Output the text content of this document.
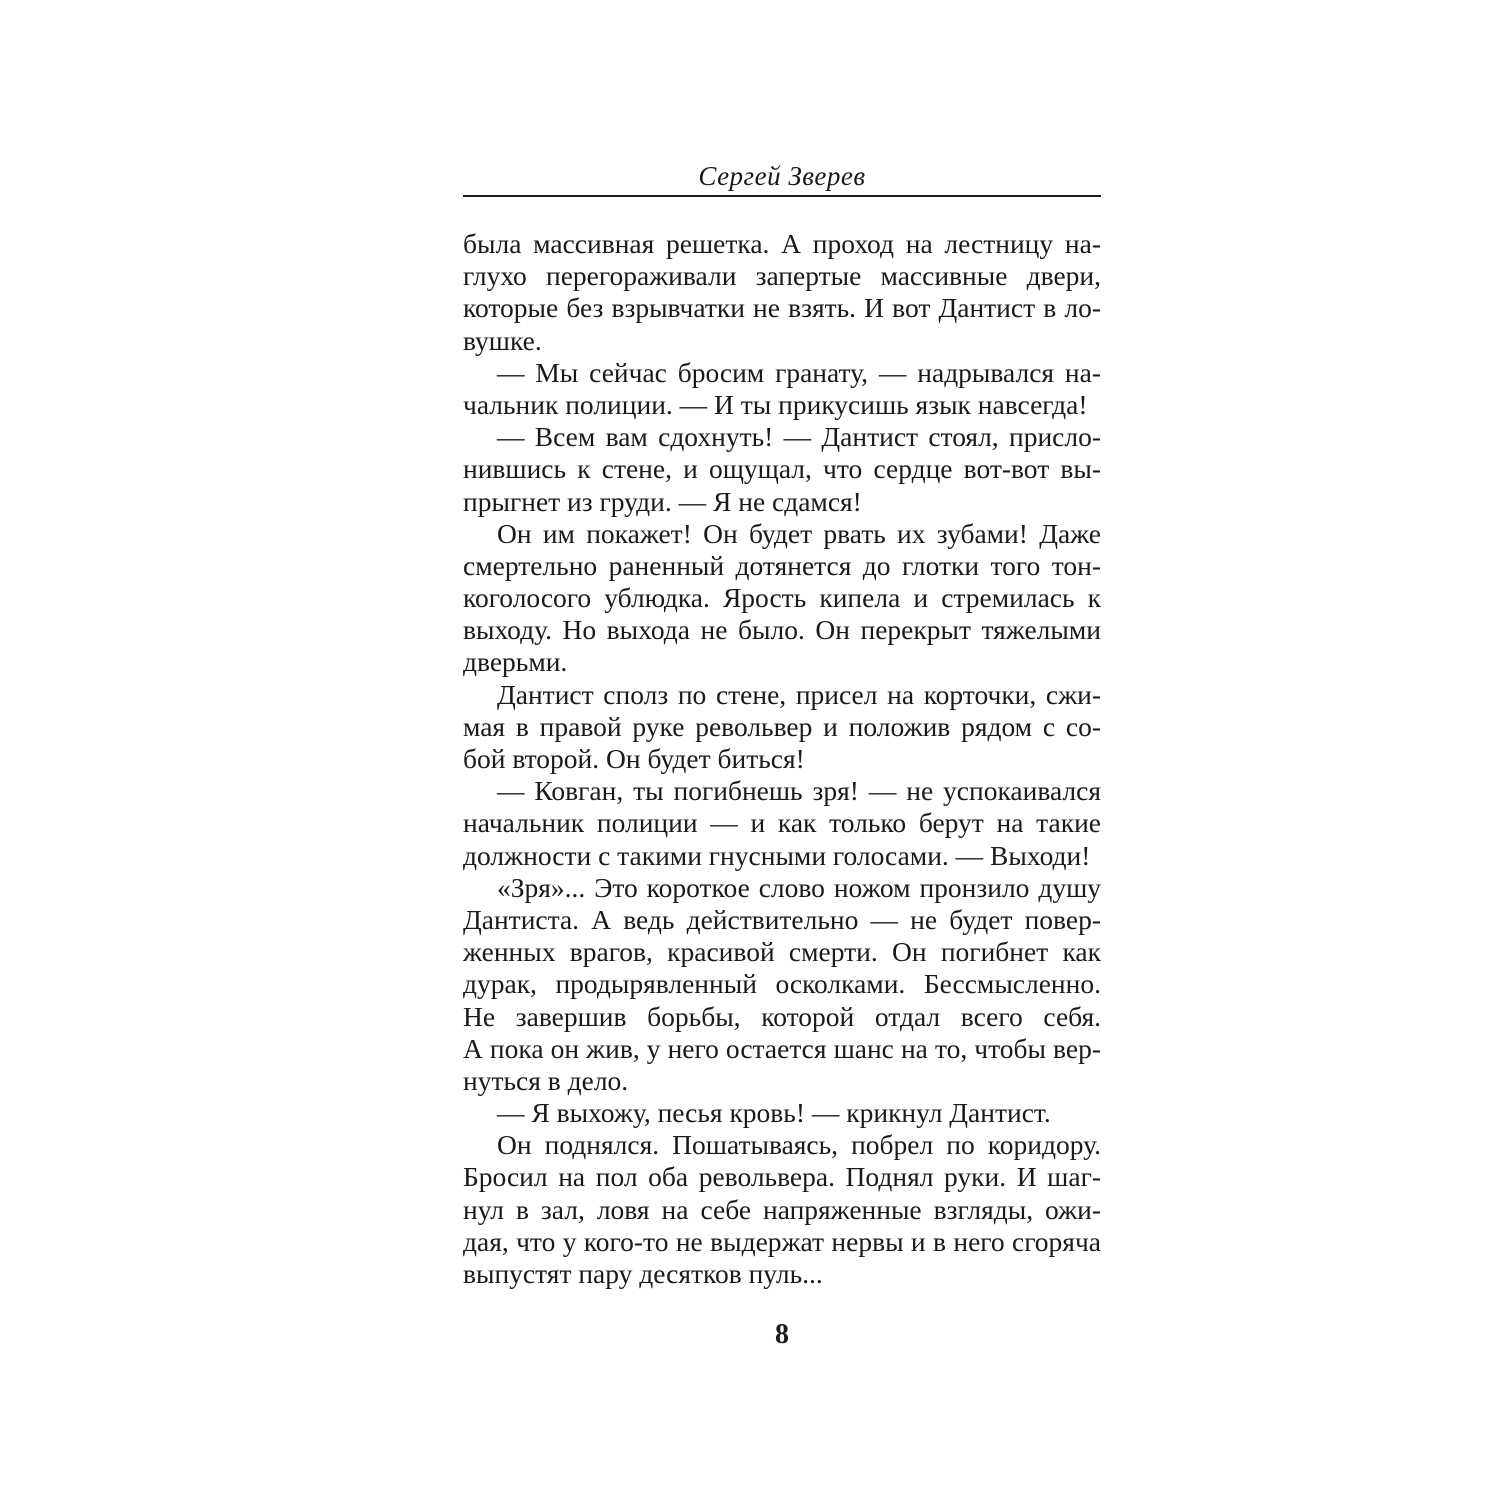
Сергей Зверев
была массивная решетка. А проход на лестницу на-
глухо перегораживали запертые массивные двери,
которые без взрывчатки не взять. И вот Дантист в ло-
вушке.
— Мы сейчас бросим гранату, — надрывался на-
чальник полиции. — И ты прикусишь язык навсегда!
— Всем вам сдохнуть! — Дантист стоял, присло-
нившись к стене, и ощущал, что сердце вот-вот вы-
прыгнет из груди. — Я не сдамся!
Он им покажет! Он будет рвать их зубами! Даже
смертельно раненный дотянется до глотки того тон-
коголосого ублюдка. Ярость кипела и стремилась к
выходу. Но выхода не было. Он перекрыт тяжелыми
дверьми.
Дантист сполз по стене, присел на корточки, сжи-
мая в правой руке револьвер и положив рядом с со-
бой второй. Он будет биться!
— Ковган, ты погибнешь зря! — не успокаивался
начальник полиции — и как только берут на такие
должности с такими гнусными голосами. — Выходи!
«Зря»... Это короткое слово ножом пронзило душу
Дантиста. А ведь действительно — не будет повер-
женных врагов, красивой смерти. Он погибнет как
дурак, продырявленный осколками. Бессмысленно.
Не завершив борьбы, которой отдал всего себя.
А пока он жив, у него остается шанс на то, чтобы вер-
нуться в дело.
— Я выхожу, песья кровь! — крикнул Дантист.
Он поднялся. Пошатываясь, побрел по коридору.
Бросил на пол оба револьвера. Поднял руки. И шаг-
нул в зал, ловя на себе напряженные взгляды, ожи-
дая, что у кого-то не выдержат нервы и в него сгоряча
выпустят пару десятков пуль...
8
